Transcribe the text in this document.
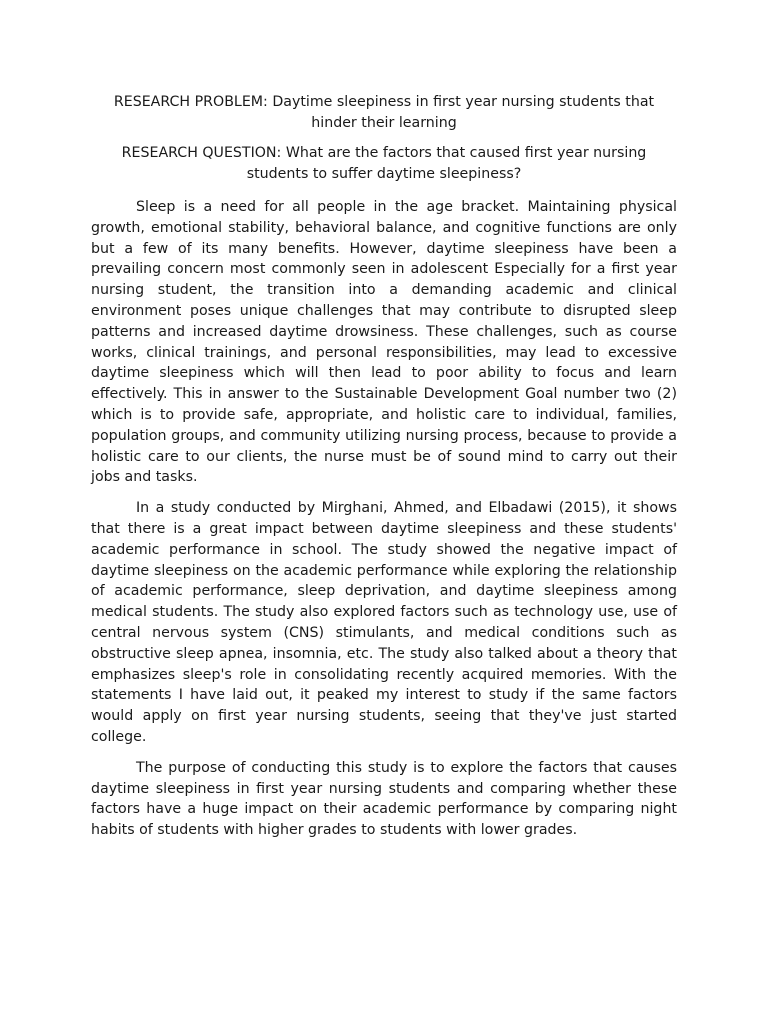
RESEARCH PROBLEM: Daytime sleepiness in first year nursing students that hinder their learning

RESEARCH QUESTION: What are the factors that caused first year nursing students to suffer daytime sleepiness?

Sleep is a need for all people in the age bracket. Maintaining physical growth, emotional stability, behavioral balance, and cognitive functions are only but a few of its many benefits. However, daytime sleepiness have been a prevailing concern most commonly seen in adolescent Especially for a first year nursing student, the transition into a demanding academic and clinical environment poses unique challenges that may contribute to disrupted sleep patterns and increased daytime drowsiness. These challenges, such as course works, clinical trainings, and personal responsibilities, may lead to excessive daytime sleepiness which will then lead to poor ability to focus and learn effectively. This in answer to the Sustainable Development Goal number two (2) which is to provide safe, appropriate, and holistic care to individual, families, population groups, and community utilizing nursing process, because to provide a holistic care to our clients, the nurse must be of sound mind to carry out their jobs and tasks.

In a study conducted by Mirghani, Ahmed, and Elbadawi (2015), it shows that there is a great impact between daytime sleepiness and these students' academic performance in school. The study showed the negative impact of daytime sleepiness on the academic performance while exploring the relationship of academic performance, sleep deprivation, and daytime sleepiness among medical students. The study also explored factors such as technology use, use of central nervous system (CNS) stimulants, and medical conditions such as obstructive sleep apnea, insomnia, etc. The study also talked about a theory that emphasizes sleep's role in consolidating recently acquired memories. With the statements I have laid out, it peaked my interest to study if the same factors would apply on first year nursing students, seeing that they've just started college.

The purpose of conducting this study is to explore the factors that causes daytime sleepiness in first year nursing students and comparing whether these factors have a huge impact on their academic performance by comparing night habits of students with higher grades to students with lower grades.
